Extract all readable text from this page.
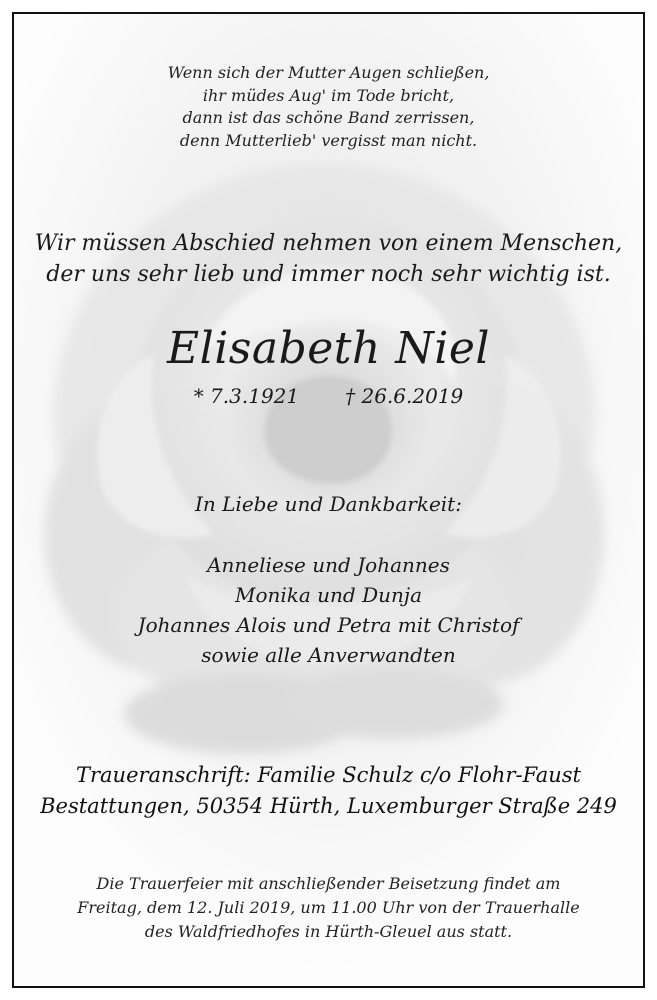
Wenn sich der Mutter Augen schließen,
ihr müdes Aug' im Tode bricht,
dann ist das schöne Band zerrissen,
denn Mutterlieb' vergisst man nicht.
Wir müssen Abschied nehmen von einem Menschen,
der uns sehr lieb und immer noch sehr wichtig ist.
Elisabeth Niel
* 7.3.1921 † 26.6.2019
In Liebe und Dankbarkeit:
Anneliese und Johannes
Monika und Dunja
Johannes Alois und Petra mit Christof
sowie alle Anverwandten
Traueranschrift: Familie Schulz c/o Flohr-Faust
Bestattungen, 50354 Hürth, Luxemburger Straße 249
Die Trauerfeier mit anschließender Beisetzung findet am
Freitag, dem 12. Juli 2019, um 11.00 Uhr von der Trauerhalle
des Waldfriedhofes in Hürth-Gleuel aus statt.
